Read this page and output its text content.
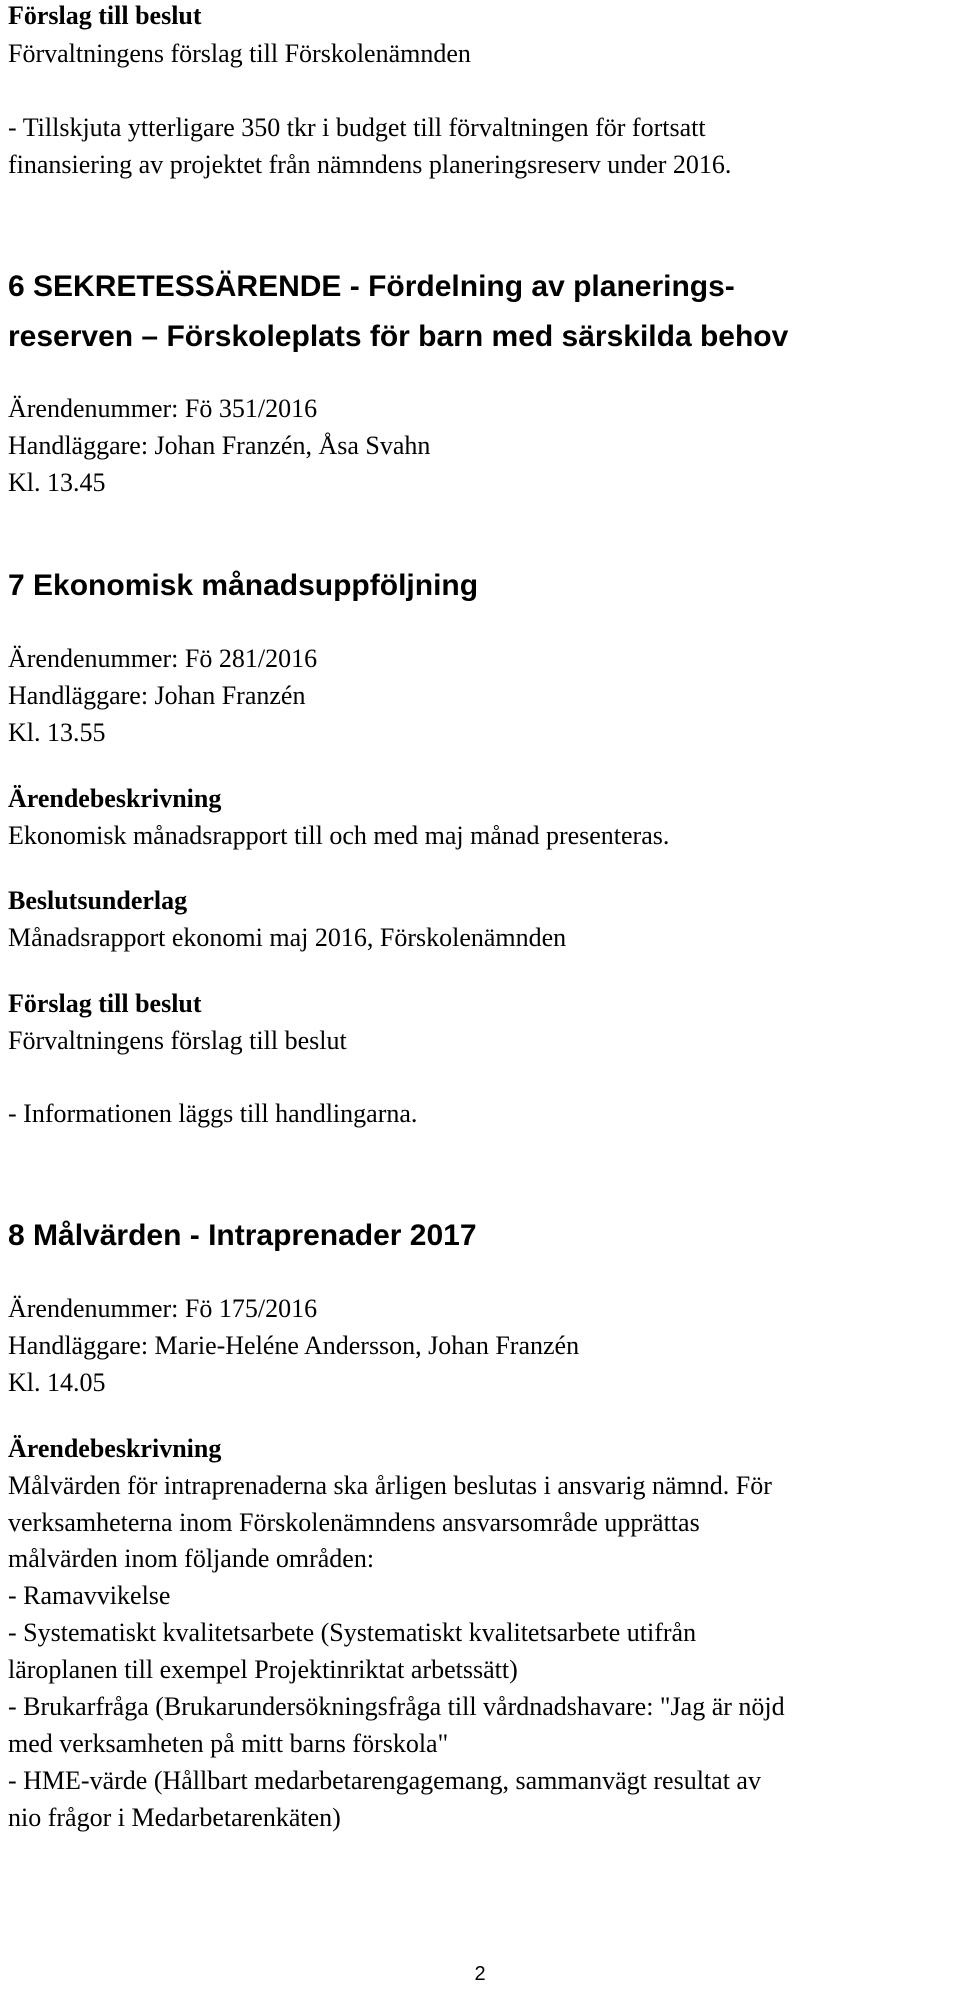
Förslag till beslut
Förvaltningens förslag till Förskolenämnden
- Tillskjuta ytterligare 350 tkr i budget till förvaltningen för fortsatt
finansiering av projektet från nämndens planeringsreserv under 2016.
6 SEKRETESSÄRENDE - Fördelning av planerings-
reserven – Förskoleplats för barn med särskilda behov
Ärendenummer: Fö 351/2016
Handläggare: Johan Franzén, Åsa Svahn
Kl. 13.45
7 Ekonomisk månadsuppföljning
Ärendenummer: Fö 281/2016
Handläggare: Johan Franzén
Kl. 13.55
Ärendebeskrivning
Ekonomisk månadsrapport till och med maj månad presenteras.
Beslutsunderlag
Månadsrapport ekonomi maj 2016, Förskolenämnden
Förslag till beslut
Förvaltningens förslag till beslut
- Informationen läggs till handlingarna.
8 Målvärden - Intraprenader 2017
Ärendenummer: Fö 175/2016
Handläggare: Marie-Heléne Andersson, Johan Franzén
Kl. 14.05
Ärendebeskrivning
Målvärden för intraprenaderna ska årligen beslutas i ansvarig nämnd. För
verksamheterna inom Förskolenämndens ansvarsområde upprättas
målvärden inom följande områden:
- Ramavvikelse
- Systematiskt kvalitetsarbete (Systematiskt kvalitetsarbete utifrån
läroplanen till exempel Projektinriktat arbetssätt)
- Brukarfråga (Brukarundersökningsfråga till vårdnadshavare: "Jag är nöjd
med verksamheten på mitt barns förskola"
- HME-värde (Hållbart medarbetarengagemang, sammanvägt resultat av
nio frågor i Medarbetarenkäten)
2
